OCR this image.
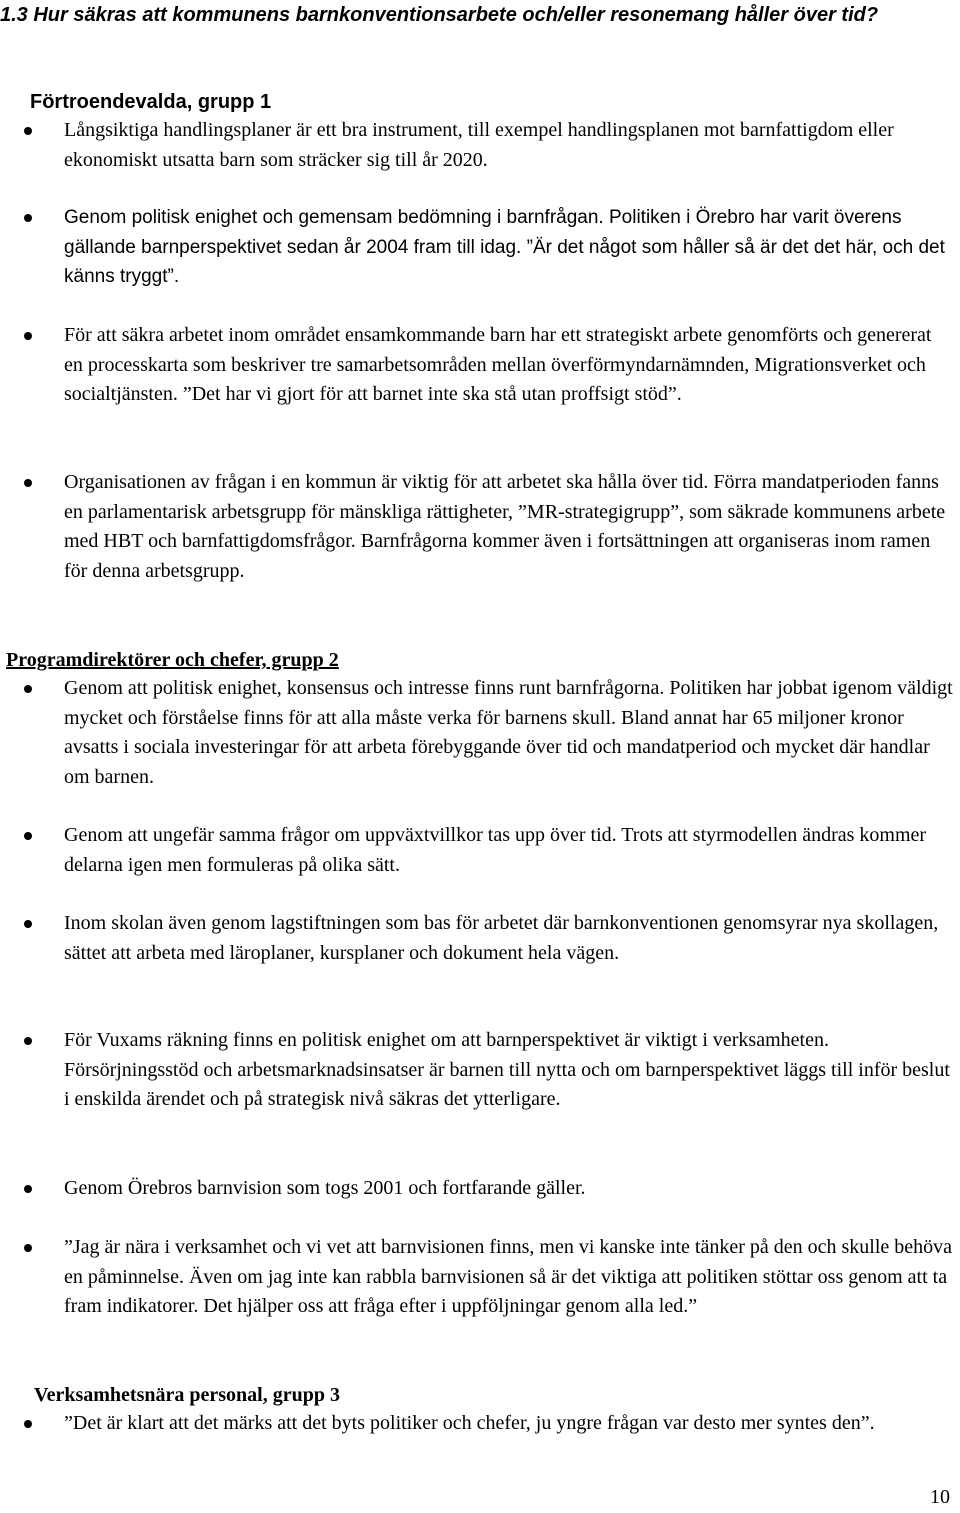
1.3 Hur säkras att kommunens barnkonventionsarbete och/eller resonemang håller över tid?
Förtroendevalda, grupp 1

Långsiktiga handlingsplaner är ett bra instrument, till exempel handlingsplanen mot barnfattigdom eller ekonomiskt utsatta barn som sträcker sig till år 2020.

Genom politisk enighet och gemensam bedömning i barnfrågan. Politiken i Örebro har varit överens gällande barnperspektivet sedan år 2004 fram till idag. ”Är det något som håller så är det det här, och det känns tryggt”.

För att säkra arbetet inom området ensamkommande barn har ett strategiskt arbete genomförts och genererat en processkarta som beskriver tre samarbetsområden mellan överförmyndarnämnden, Migrationsverket och socialtjänsten. ”Det har vi gjort för att barnet inte ska stå utan proffsigt stöd”.

Organisationen av frågan i en kommun är viktig för att arbetet ska hålla över tid. Förra mandatperioden fanns en parlamentarisk arbetsgrupp för mänskliga rättigheter, ”MR-strategigrupp”, som säkrade kommunens arbete med HBT och barnfattigdomsfrågor. Barnfrågorna kommer även i fortsättningen att organiseras inom ramen för denna arbetsgrupp.

Programdirektörer och chefer, grupp 2

Genom att politisk enighet, konsensus och intresse finns runt barnfrågorna. Politiken har jobbat igenom väldigt mycket och förståelse finns för att alla måste verka för barnens skull. Bland annat har 65 miljoner kronor avsatts i sociala investeringar för att arbeta förebyggande över tid och mandatperiod och mycket där handlar om barnen.

Genom att ungefär samma frågor om uppväxtvillkor tas upp över tid. Trots att styrmodellen ändras kommer delarna igen men formuleras på olika sätt.

Inom skolan även genom lagstiftningen som bas för arbetet där barnkonventionen genomsyrar nya skollagen, sättet att arbeta med läroplaner, kursplaner och dokument hela vägen.

För Vuxams räkning finns en politisk enighet om att barnperspektivet är viktigt i verksamheten. Försörjningsstöd och arbetsmarknadsinsatser är barnen till nytta och om barnperspektivet läggs till inför beslut i enskilda ärendet och på strategisk nivå säkras det ytterligare.

Genom Örebros barnvision som togs 2001 och fortfarande gäller.

”Jag är nära i verksamhet och vi vet att barnvisionen finns, men vi kanske inte tänker på den och skulle behöva en påminnelse. Även om jag inte kan rabbla barnvisionen så är det viktiga att politiken stöttar oss genom att ta fram indikatorer. Det hjälper oss att fråga efter i uppföljningar genom alla led.”

Verksamhetsnära personal, grupp 3

”Det är klart att det märks att det byts politiker och chefer, ju yngre frågan var desto mer syntes den”.

10
